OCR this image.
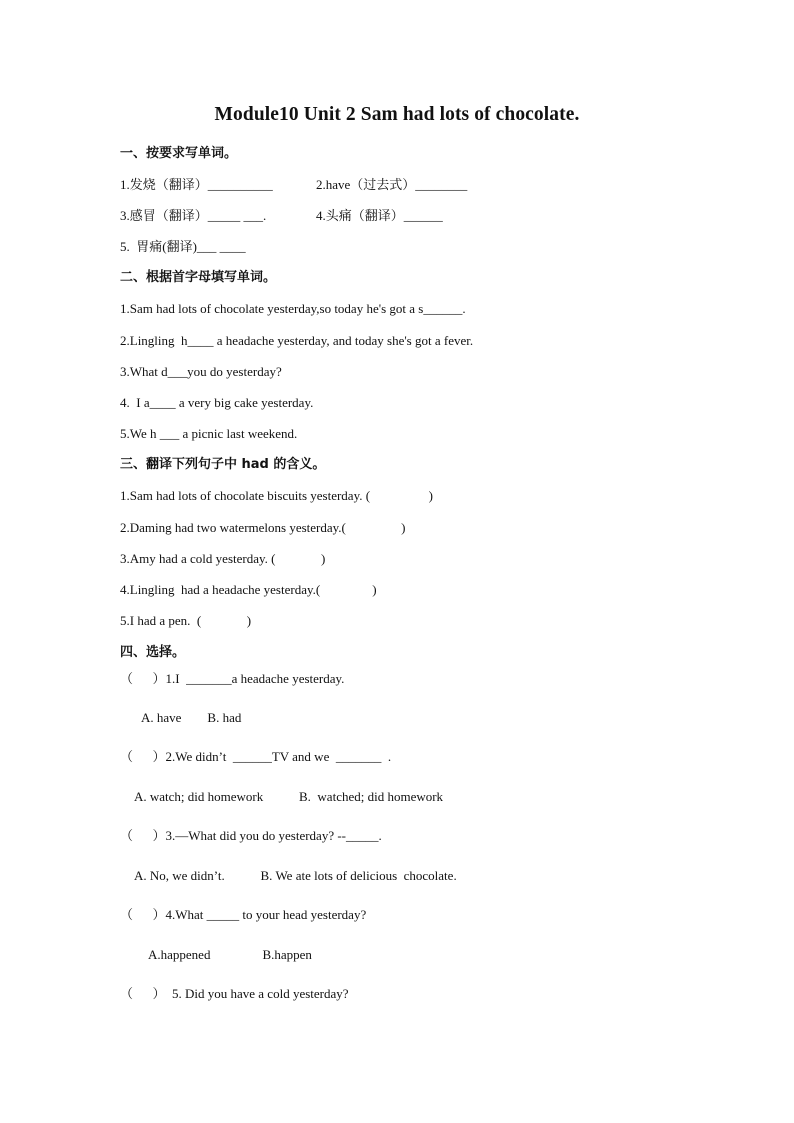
Module10 Unit 2 Sam had lots of chocolate.
一、按要求写单词。
1.发烧（翻译）__________	2.have（过去式）________
3.感冒（翻译）_____ ___.	4.头痛（翻译）______
5.  胃痛(翻译)___ ____
二、根据首字母填写单词。
1.Sam had lots of chocolate yesterday,so today he's got a s______.
2.Lingling  h____ a headache yesterday, and today she's got a fever.
3.What d___you do yesterday?
4.  I a____ a very big cake yesterday.
5.We h ___ a picnic last weekend.
三、翻译下列句子中 had 的含义。
1.Sam had lots of chocolate biscuits yesterday. (                  )
2.Daming had two watermelons yesterday.(                 )
3.Amy had a cold yesterday. (              )
4.Lingling  had a headache yesterday.(                )
5.I had a pen.  (              )
四、选择。
（      ）1.I  _______a headache yesterday.
A. have        B. had
（      ）2.We didn’t  ______TV and we  _______  .
A. watch; did homework           B.  watched; did homework
（      ）3.—What did you do yesterday? --_____.
A. No, we didn’t.           B. We ate lots of delicious  chocolate.
（      ）4.What _____ to your head yesterday?
A.happened                B.happen
（      ）  5. Did you have a cold yesterday?
